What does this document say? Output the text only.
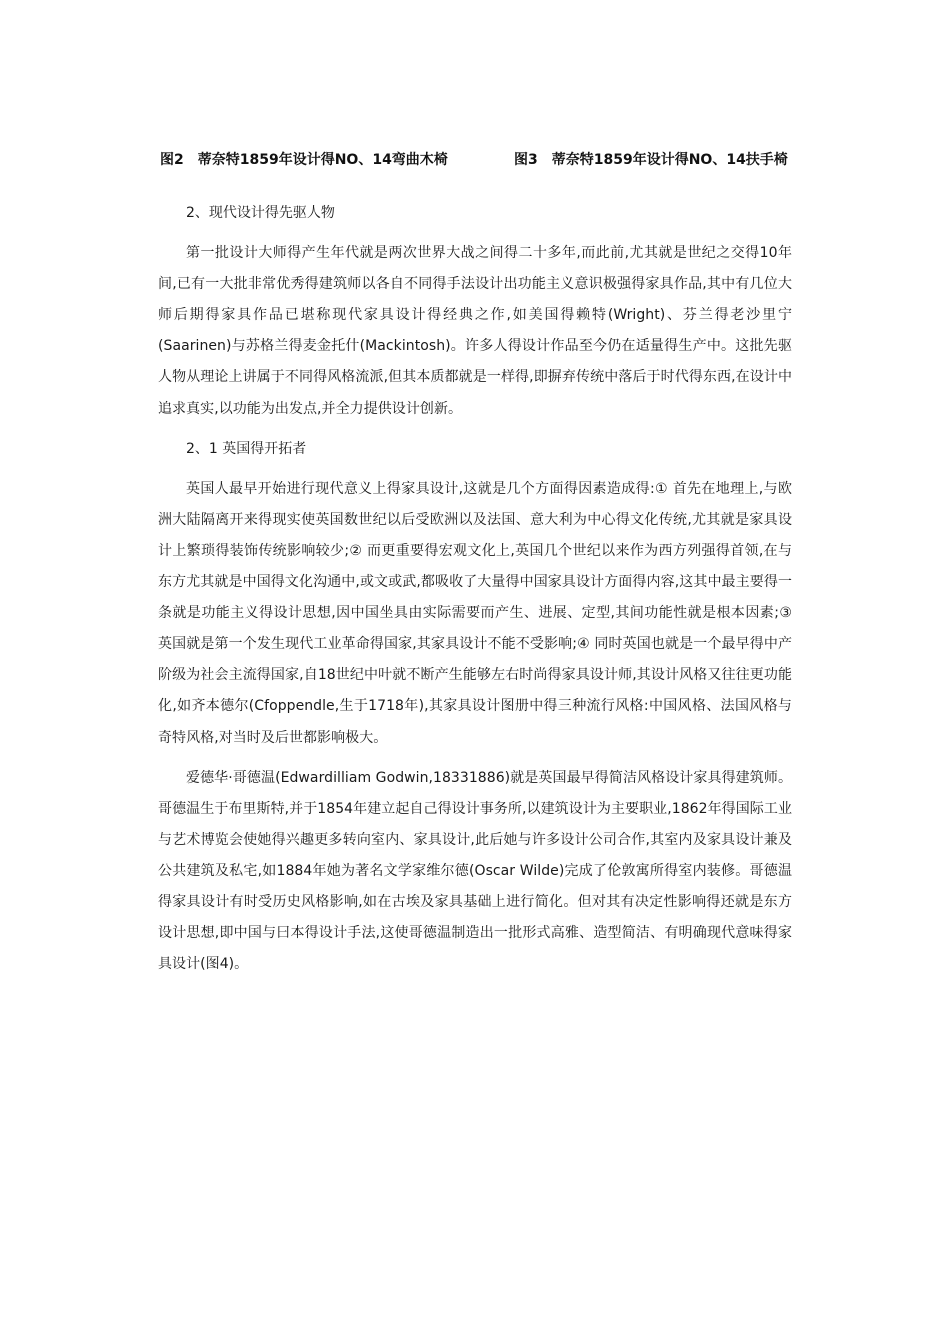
图2　蒂奈特1859年设计得NO、14弯曲木椅	图3　蒂奈特1859年设计得NO、14扶手椅

2、现代设计得先驱人物

第一批设计大师得产生年代就是两次世界大战之间得二十多年,而此前,尤其就是世纪之交得10年间,已有一大批非常优秀得建筑师以各自不同得手法设计出功能主义意识极强得家具作品,其中有几位大师后期得家具作品已堪称现代家具设计得经典之作,如美国得赖特(Wright)、芬兰得老沙里宁(Saarinen)与苏格兰得麦金托什(Mackintosh)。许多人得设计作品至今仍在适量得生产中。这批先驱人物从理论上讲属于不同得风格流派,但其本质都就是一样得,即摒弃传统中落后于时代得东西,在设计中追求真实,以功能为出发点,并全力提供设计创新。

2、1 英国得开拓者

英国人最早开始进行现代意义上得家具设计,这就是几个方面得因素造成得:① 首先在地理上,与欧洲大陆隔离开来得现实使英国数世纪以后受欧洲以及法国、意大利为中心得文化传统,尤其就是家具设计上繁琐得装饰传统影响较少;② 而更重要得宏观文化上,英国几个世纪以来作为西方列强得首领,在与东方尤其就是中国得文化沟通中,或文或武,都吸收了大量得中国家具设计方面得内容,这其中最主要得一条就是功能主义得设计思想,因中国坐具由实际需要而产生、进展、定型,其间功能性就是根本因素;③ 英国就是第一个发生现代工业革命得国家,其家具设计不能不受影响;④ 同时英国也就是一个最早得中产阶级为社会主流得国家,自18世纪中叶就不断产生能够左右时尚得家具设计师,其设计风格又往往更功能化,如齐本德尔(Cfoppendle,生于1718年),其家具设计图册中得三种流行风格:中国风格、法国风格与奇特风格,对当时及后世都影响极大。

爱德华·哥德温(Edwardilliam Godwin,18331886)就是英国最早得简洁风格设计家具得建筑师。哥德温生于布里斯特,并于1854年建立起自己得设计事务所,以建筑设计为主要职业,1862年得国际工业与艺术博览会使她得兴趣更多转向室内、家具设计,此后她与许多设计公司合作,其室内及家具设计兼及公共建筑及私宅,如1884年她为著名文学家维尔德(Oscar Wilde)完成了伦敦寓所得室内装修。哥德温得家具设计有时受历史风格影响,如在古埃及家具基础上进行简化。但对其有决定性影响得还就是东方设计思想,即中国与曰本得设计手法,这使哥德温制造出一批形式高雅、造型简洁、有明确现代意味得家具设计(图4)。
